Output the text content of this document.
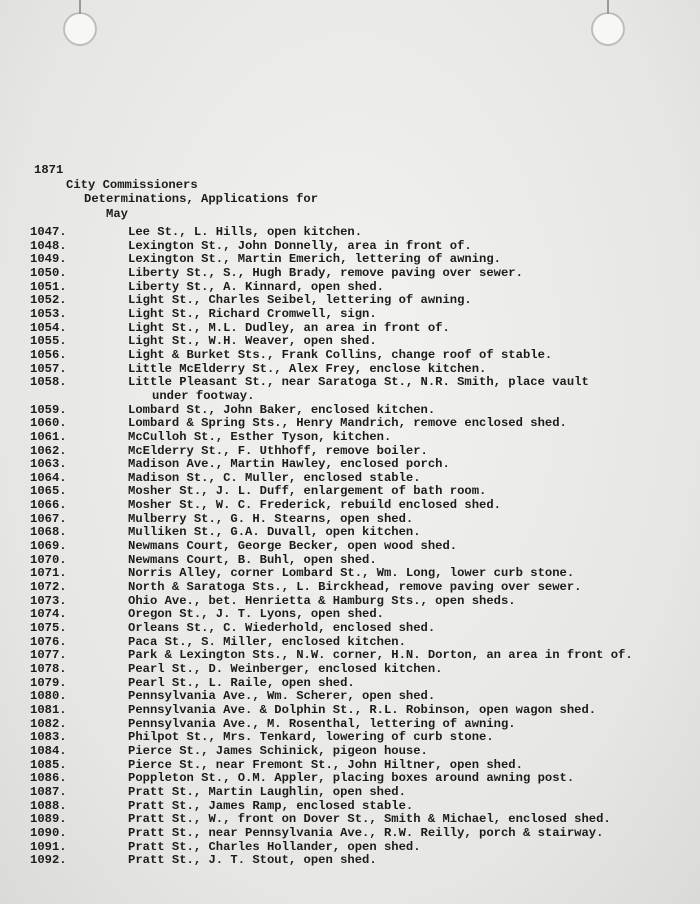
1871
City Commissioners
Determinations, Applications for
May
1047.	Lee St., L. Hills, open kitchen.
1048.	Lexington St., John Donnelly, area in front of.
1049.	Lexington St., Martin Emerich, lettering of awning.
1050.	Liberty St., S., Hugh Brady, remove paving over sewer.
1051.	Liberty St., A. Kinnard, open shed.
1052.	Light St., Charles Seibel, lettering of awning.
1053.	Light St., Richard Cromwell, sign.
1054.	Light St., M.L. Dudley, an area in front of.
1055.	Light St., W.H. Weaver, open shed.
1056.	Light & Burket Sts., Frank Collins, change roof of stable.
1057.	Little McElderry St., Alex Frey, enclose kitchen.
1058.	Little Pleasant St., near Saratoga St., N.R. Smith, place vault
under footway.
1059.	Lombard St., John Baker, enclosed kitchen.
1060.	Lombard & Spring Sts., Henry Mandrich, remove enclosed shed.
1061.	McCulloh St., Esther Tyson, kitchen.
1062.	McElderry St., F. Uthhoff, remove boiler.
1063.	Madison Ave., Martin Hawley, enclosed porch.
1064.	Madison St., C. Muller, enclosed stable.
1065.	Mosher St., J. L. Duff, enlargement of bath room.
1066.	Mosher St., W. C. Frederick, rebuild enclosed shed.
1067.	Mulberry St., G. H. Stearns, open shed.
1068.	Mulliken St., G.A. Duvall, open kitchen.
1069.	Newmans Court, George Becker, open wood shed.
1070.	Newmans Court, B. Buhl, open shed.
1071.	Norris Alley, corner Lombard St., Wm. Long, lower curb stone.
1072.	North & Saratoga Sts., L. Birckhead, remove paving over sewer.
1073.	Ohio Ave., bet. Henrietta & Hamburg Sts., open sheds.
1074.	Oregon St., J. T. Lyons, open shed.
1075.	Orleans St., C. Wiederhold, enclosed shed.
1076.	Paca St., S. Miller, enclosed kitchen.
1077.	Park & Lexington Sts., N.W. corner, H.N. Dorton, an area in front of.
1078.	Pearl St., D. Weinberger, enclosed kitchen.
1079.	Pearl St., L. Raile, open shed.
1080.	Pennsylvania Ave., Wm. Scherer, open shed.
1081.	Pennsylvania Ave. & Dolphin St., R.L. Robinson, open wagon shed.
1082.	Pennsylvania Ave., M. Rosenthal, lettering of awning.
1083.	Philpot St., Mrs. Tenkard, lowering of curb stone.
1084.	Pierce St., James Schinick, pigeon house.
1085.	Pierce St., near Fremont St., John Hiltner, open shed.
1086.	Poppleton St., O.M. Appler, placing boxes around awning post.
1087.	Pratt St., Martin Laughlin, open shed.
1088.	Pratt St., James Ramp, enclosed stable.
1089.	Pratt St., W., front on Dover St., Smith & Michael, enclosed shed.
1090.	Pratt St., near Pennsylvania Ave., R.W. Reilly, porch & stairway.
1091.	Pratt St., Charles Hollander, open shed.
1092.	Pratt St., J. T. Stout, open shed.
